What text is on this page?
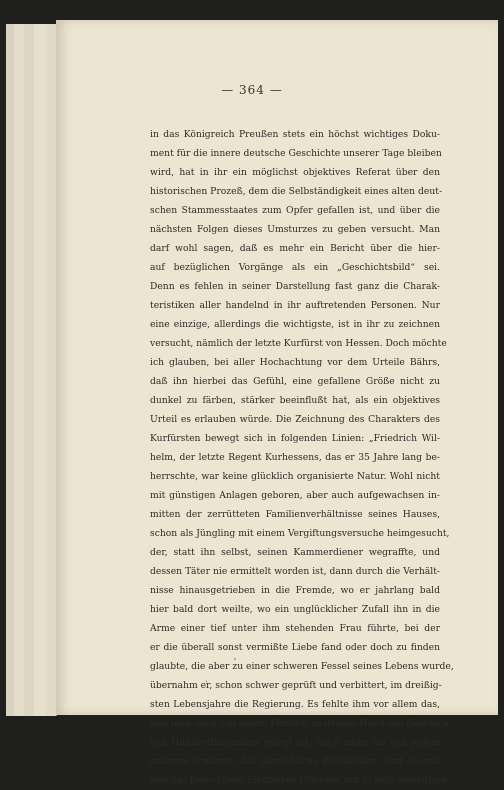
— 364 —
in das Königreich Preußen stets ein höchst wichtiges Doku-
ment für die innere deutsche Geschichte unserer Tage bleiben
wird, hat in ihr ein möglichst objektives Referat über den
historischen Prozeß, dem die Selbständigkeit eines alten deut-
schen Stammesstaates zum Opfer gefallen ist, und über die
nächsten Folgen dieses Umsturzes zu geben versucht. Man
darf wohl sagen, daß es mehr ein Bericht über die hier-
auf bezüglichen Vorgänge als ein „Geschichtsbild“ sei.
Denn es fehlen in seiner Darstellung fast ganz die Charak-
teristiken aller handelnd in ihr auftretenden Personen. Nur
eine einzige, allerdings die wichtigste, ist in ihr zu zeichnen
versucht, nämlich der letzte Kurfürst von Hessen. Doch möchte
ich glauben, bei aller Hochachtung vor dem Urteile Bährs,
daß ihn hierbei das Gefühl, eine gefallene Größe nicht zu
dunkel zu färben, stärker beeinflußt hat, als ein objektives
Urteil es erlauben würde. Die Zeichnung des Charakters des
Kurfürsten bewegt sich in folgenden Linien: „Friedrich Wil-
helm, der letzte Regent Kurhessens, das er 35 Jahre lang be-
herrschte, war keine glücklich organisierte Natur. Wohl nicht
mit günstigen Anlagen geboren, aber auch aufgewachsen in-
mitten der zerrütteten Familienverhältnisse seines Hauses,
schon als Jüngling mit einem Vergiftungsversuche heimgesucht,
der, statt ihn selbst, seinen Kammerdiener wegraffte, und
dessen Täter nie ermittelt worden ist, dann durch die Verhält-
nisse hinausgetrieben in die Fremde, wo er jahrlang bald
hier bald dort weilte, wo ein unglücklicher Zufall ihn in die
Arme einer tief unter ihm stehenden Frau führte, bei der
er die überall sonst vermißte Liebe fand oder doch zu finden
glaubte, die aber zu einer schweren Fessel seines Lebens wurde,
übernahm er, schon schwer geprüft und verbittert, im dreißig-
sten Lebensjahre die Regierung. Es fehlte ihm vor allem das,
was man doch von einem Fürsten, in dessen Hand das Geschick
von Hunderttausenden gelegt ist, noch mehr als von jedem
anderen erwartet, das menschliche Wohlwollen. Und ebenso
war das Bewußtsein fürstlicher Pflichten nur in sehr einseitiger
